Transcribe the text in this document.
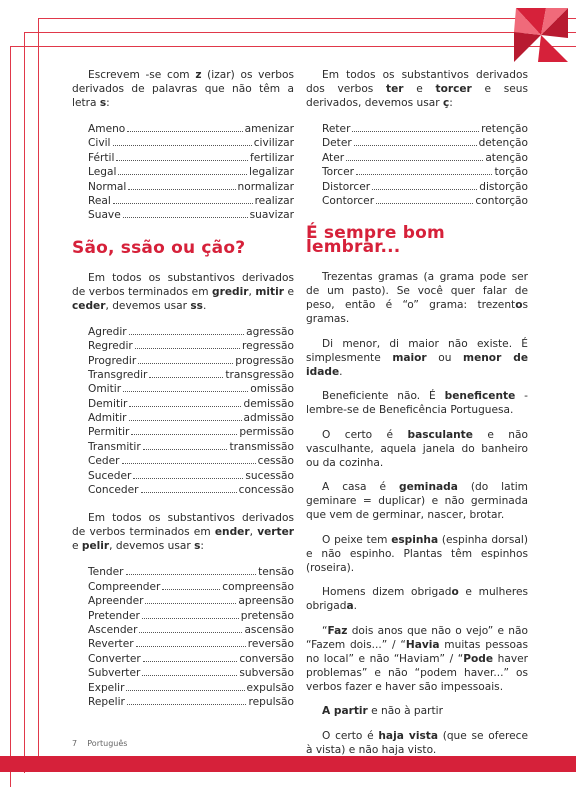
Escrevem -se com z (izar) os verbos derivados de palavras que não têm a letra s:

Ameno	amenizar
Civil	civilizar
Fértil	fertilizar
Legal	legalizar
Normal	normalizar
Real	realizar
Suave	suavizar
São, ssão ou ção?

Em todos os substantivos derivados de verbos terminados em gredir, mitir e ceder, devemos usar ss.

Agredir	agressão
Regredir	regressão
Progredir	progressão
Transgredir	transgressão
Omitir	omissão
Demitir	demissão
Admitir	admissão
Permitir	permissão
Transmitir	transmissão
Ceder	cessão
Suceder	sucessão
Conceder	concessão

Em todos os substantivos derivados de verbos terminados em ender, verter e pelir, devemos usar s:

Tender	tensão
Compreender	compreensão
Apreender	apreensão
Pretender	pretensão
Ascender	ascensão
Reverter	reversão
Converter	conversão
Subverter	subversão
Expelir	expulsão
Repelir	repulsão

Em todos os substantivos derivados dos verbos ter e torcer e seus derivados, devemos usar ç:

Reter	retenção
Deter	detenção
Ater	atenção
Torcer	torção
Distorcer	distorção
Contorcer	contorção
É sempre bom lembrar...

Trezentas gramas (a grama pode ser de um pasto). Se você quer falar de peso, então é “o” grama: trezentos gramas.

Di menor, di maior não existe. É simplesmente maior ou menor de idade.

Beneficiente não. É beneficente - lembre-se de Beneficência Portuguesa.

O certo é basculante e não vasculhante, aquela janela do banheiro ou da cozinha.

A casa é geminada (do latim geminare = duplicar) e não germinada que vem de germinar, nascer, brotar.

O peixe tem espinha (espinha dorsal) e não espinho. Plantas têm espinhos (roseira).

Homens dizem obrigado e mulheres obrigada.

“Faz dois anos que não o vejo” e não “Fazem dois...” / “Havia muitas pessoas no local” e não “Haviam” / “Pode haver problemas” e não “podem haver...” os verbos fazer e haver são impessoais.

A partir e não à partir

O certo é haja vista (que se oferece à vista) e não haja visto.

7 Português
